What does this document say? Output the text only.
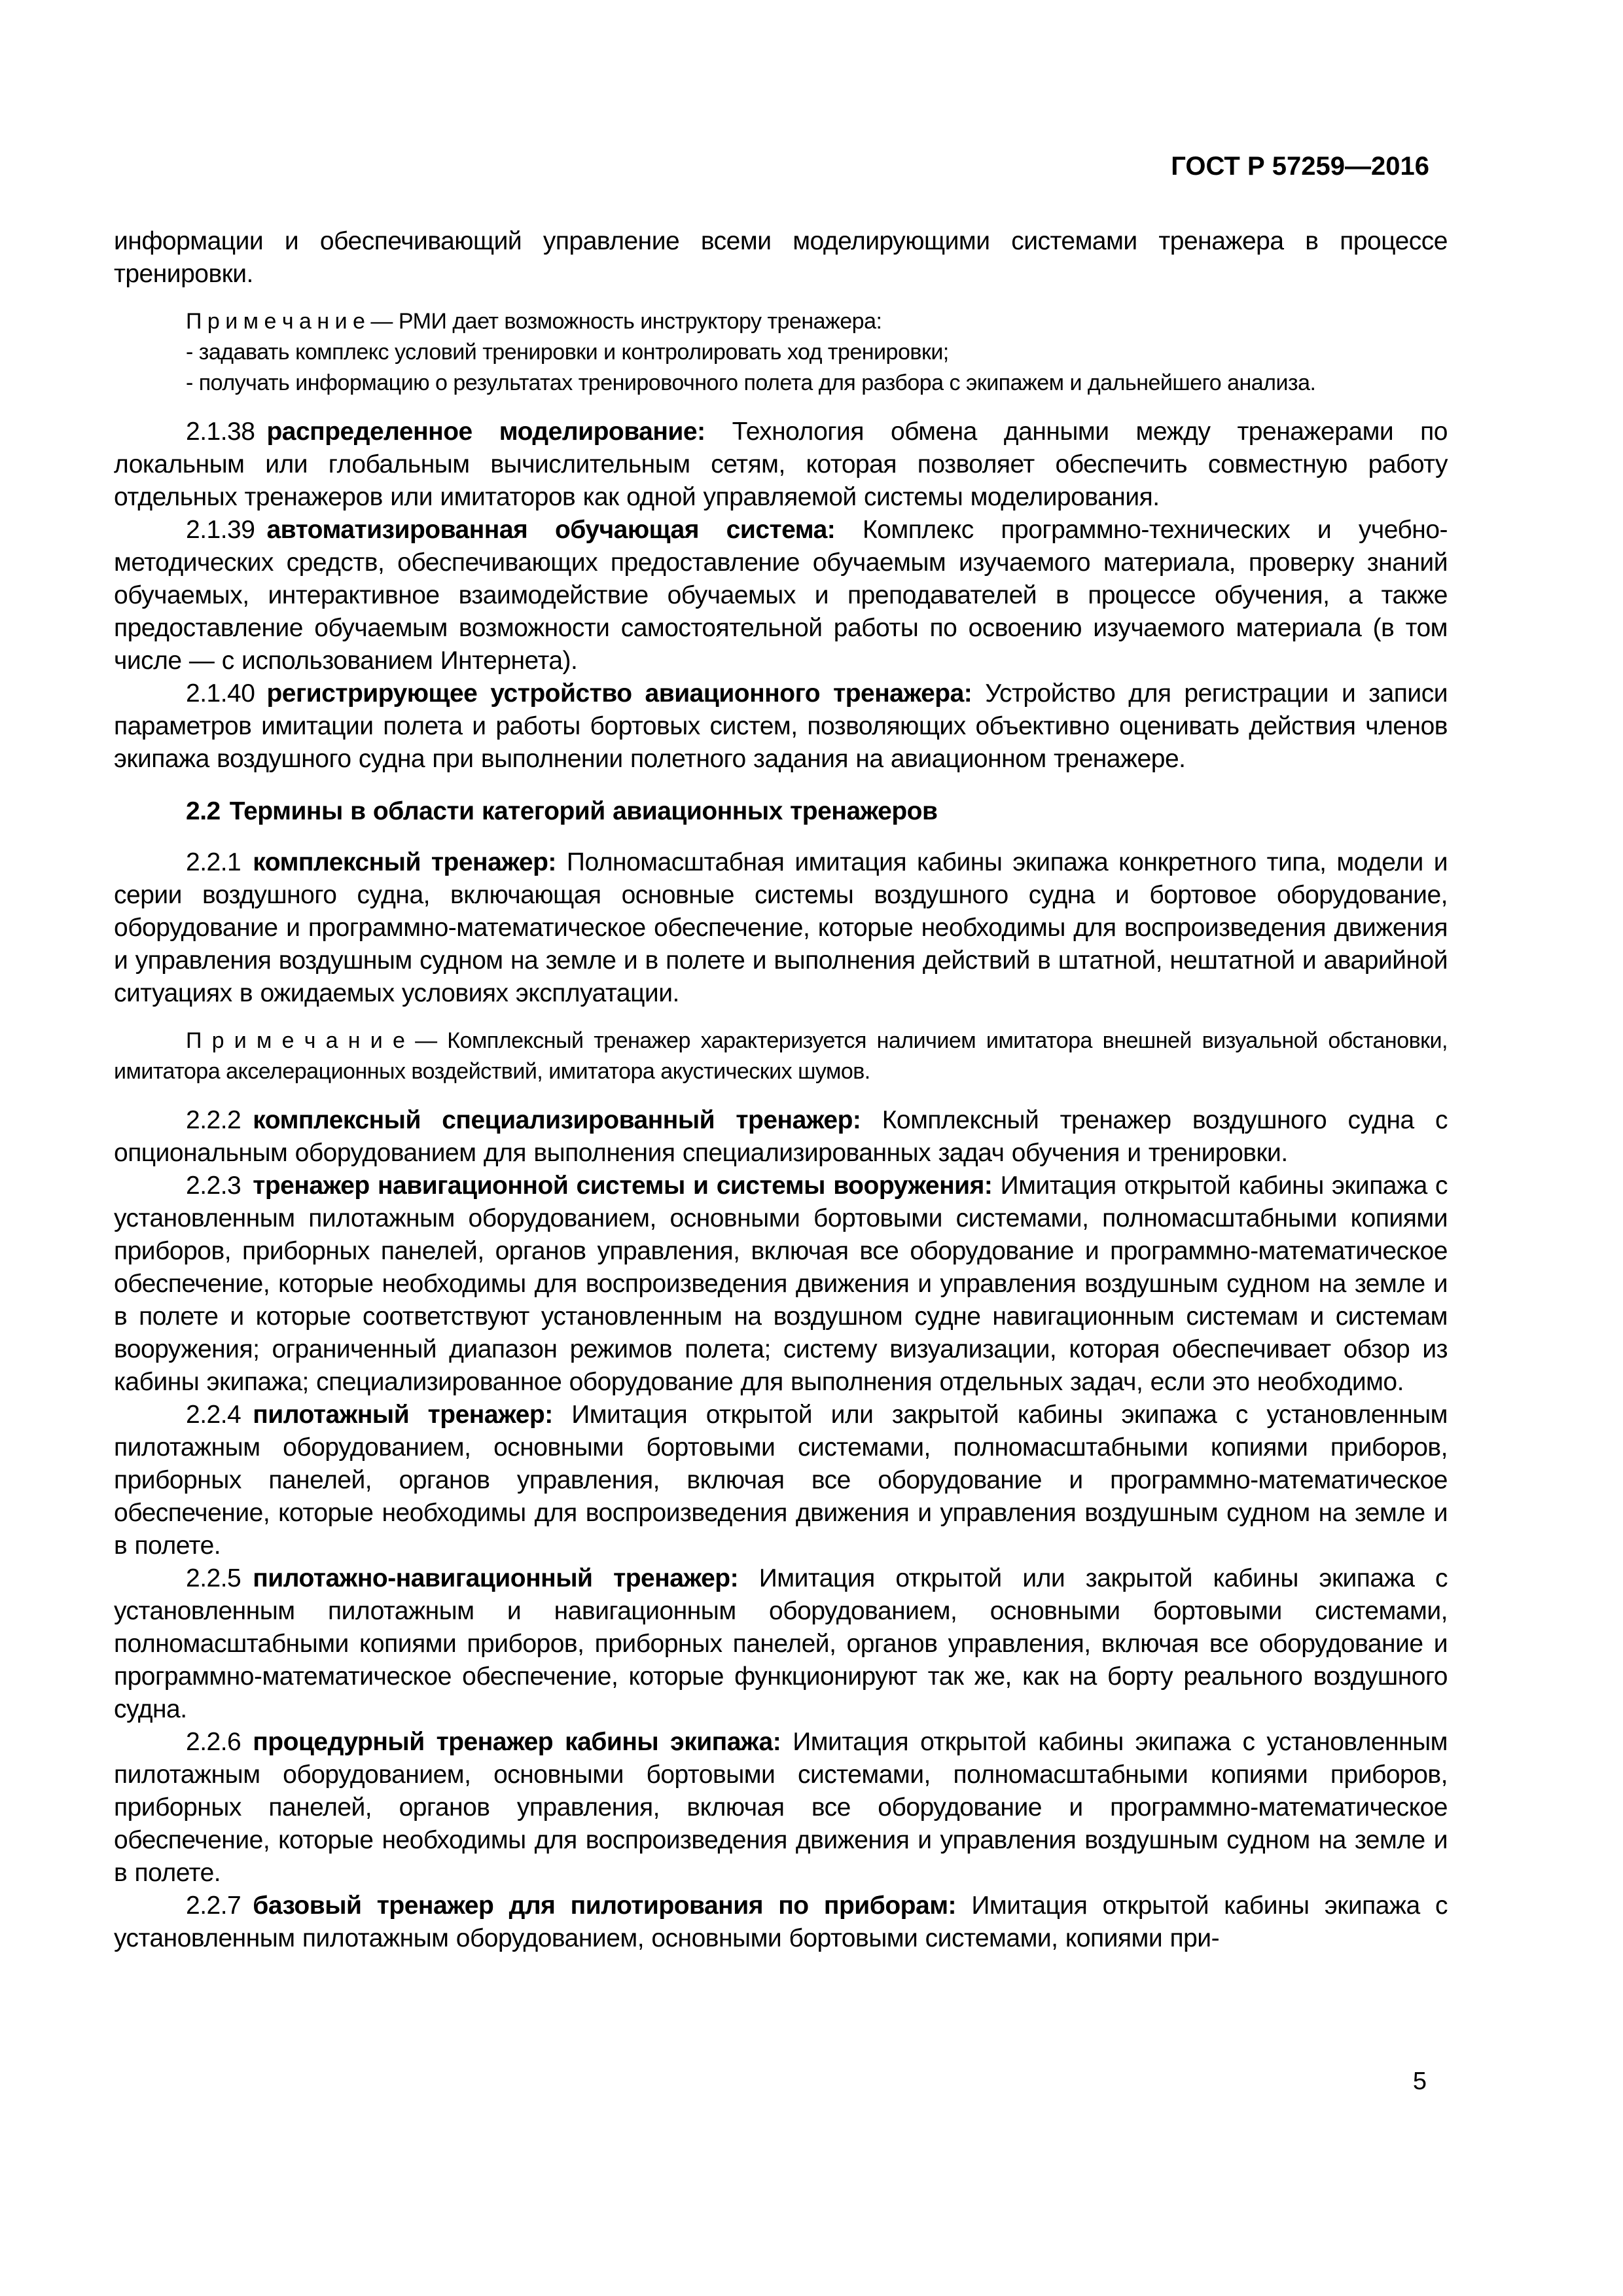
ГОСТ Р 57259—2016

информации и обеспечивающий управление всеми моделирующими системами тренажера в процессе тренировки.

П р и м е ч а н и е — РМИ дает возможность инструктору тренажера:

- задавать комплекс условий тренировки и контролировать ход тренировки;

- получать информацию о результатах тренировочного полета для разбора с экипажем и дальнейшего анализа.

2.1.38 распределенное моделирование: Технология обмена данными между тренажерами по локальным или глобальным вычислительным сетям, которая позволяет обеспечить совместную работу отдельных тренажеров или имитаторов как одной управляемой системы моделирования.

2.1.39 автоматизированная обучающая система: Комплекс программно-технических и учебно-методических средств, обеспечивающих предоставление обучаемым изучаемого материала, проверку знаний обучаемых, интерактивное взаимодействие обучаемых и преподавателей в процессе обучения, а также предоставление обучаемым возможности самостоятельной работы по освоению изучаемого материала (в том числе — с использованием Интернета).

2.1.40 регистрирующее устройство авиационного тренажера: Устройство для регистрации и записи параметров имитации полета и работы бортовых систем, позволяющих объективно оценивать действия членов экипажа воздушного судна при выполнении полетного задания на авиационном тренажере.

2.2 Термины в области категорий авиационных тренажеров

2.2.1 комплексный тренажер: Полномасштабная имитация кабины экипажа конкретного типа, модели и серии воздушного судна, включающая основные системы воздушного судна и бортовое оборудование, оборудование и программно-математическое обеспечение, которые необходимы для воспроизведения движения и управления воздушным судном на земле и в полете и выполнения действий в штатной, нештатной и аварийной ситуациях в ожидаемых условиях эксплуатации.

П р и м е ч а н и е — Комплексный тренажер характеризуется наличием имитатора внешней визуальной обстановки, имитатора акселерационных воздействий, имитатора акустических шумов.

2.2.2 комплексный специализированный тренажер: Комплексный тренажер воздушного судна с опциональным оборудованием для выполнения специализированных задач обучения и тренировки.

2.2.3 тренажер навигационной системы и системы вооружения: Имитация открытой кабины экипажа с установленным пилотажным оборудованием, основными бортовыми системами, полномасштабными копиями приборов, приборных панелей, органов управления, включая все оборудование и программно-математическое обеспечение, которые необходимы для воспроизведения движения и управления воздушным судном на земле и в полете и которые соответствуют установленным на воздушном судне навигационным системам и системам вооружения; ограниченный диапазон режимов полета; систему визуализации, которая обеспечивает обзор из кабины экипажа; специализированное оборудование для выполнения отдельных задач, если это необходимо.

2.2.4 пилотажный тренажер: Имитация открытой или закрытой кабины экипажа с установленным пилотажным оборудованием, основными бортовыми системами, полномасштабными копиями приборов, приборных панелей, органов управления, включая все оборудование и программно-математическое обеспечение, которые необходимы для воспроизведения движения и управления воздушным судном на земле и в полете.

2.2.5 пилотажно-навигационный тренажер: Имитация открытой или закрытой кабины экипажа с установленным пилотажным и навигационным оборудованием, основными бортовыми системами, полномасштабными копиями приборов, приборных панелей, органов управления, включая все оборудование и программно-математическое обеспечение, которые функционируют так же, как на борту реального воздушного судна.

2.2.6 процедурный тренажер кабины экипажа: Имитация открытой кабины экипажа с установленным пилотажным оборудованием, основными бортовыми системами, полномасштабными копиями приборов, приборных панелей, органов управления, включая все оборудование и программно-математическое обеспечение, которые необходимы для воспроизведения движения и управления воздушным судном на земле и в полете.

2.2.7 базовый тренажер для пилотирования по приборам: Имитация открытой кабины экипажа с установленным пилотажным оборудованием, основными бортовыми системами, копиями при-

5
